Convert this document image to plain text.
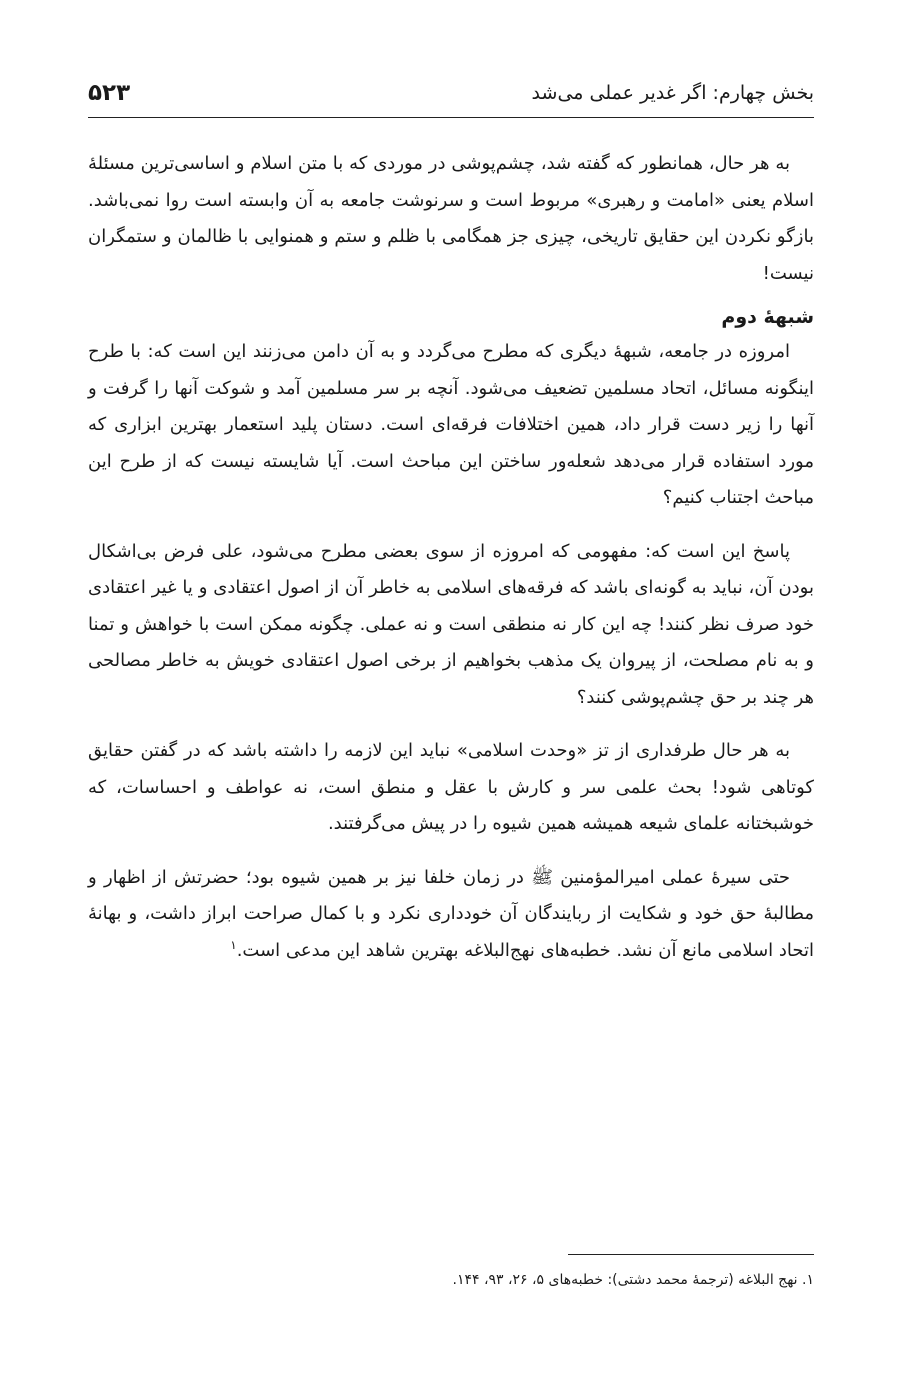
بخش چهارم: اگر غدیر عملی می‌شد
۵۲۳

به هر حال، همانطور که گفته شد، چشم‌پوشی در موردی که با متن اسلام و اساسی‌ترین مسئلهٔ اسلام یعنی «امامت و رهبری» مربوط است و سرنوشت جامعه به آن وابسته است روا نمی‌باشد. بازگو نکردن این حقایق تاریخی، چیزی جز همگامی با ظلم و ستم و همنوایی با ظالمان و ستمگران نیست!

شبههٔ دوم

امروزه در جامعه، شبههٔ دیگری که مطرح می‌گردد و به آن دامن می‌زنند این است که: با طرح اینگونه مسائل، اتحاد مسلمین تضعیف می‌شود. آنچه بر سر مسلمین آمد و شوکت آنها را گرفت و آنها را زیر دست قرار داد، همین اختلافات فرقه‌ای است. دستان پلید استعمار بهترین ابزاری که مورد استفاده قرار می‌دهد شعله‌ور ساختن این مباحث است. آیا شایسته نیست که از طرح این مباحث اجتناب کنیم؟

پاسخ این است که: مفهومی که امروزه از سوی بعضی مطرح می‌شود، علی فرض بی‌اشکال بودن آن، نباید به گونه‌ای باشد که فرقه‌های اسلامی به خاطر آن از اصول اعتقادی و یا غیر اعتقادی خود صرف نظر کنند! چه این کار نه منطقی است و نه عملی. چگونه ممکن است با خواهش و تمنا و به نام مصلحت، از پیروان یک مذهب بخواهیم از برخی اصول اعتقادی خویش به خاطر مصالحی هر چند بر حق چشم‌پوشی کنند؟

به هر حال طرفداری از تز «وحدت اسلامی» نباید این لازمه را داشته باشد که در گفتن حقایق کوتاهی شود! بحث علمی سر و کارش با عقل و منطق است، نه عواطف و احساسات، که خوشبختانه علمای شیعه همیشه همین شیوه را در پیش می‌گرفتند.

حتی سیرهٔ عملی امیرالمؤمنین ﷺ در زمان خلفا نیز بر همین شیوه بود؛ حضرتش از اظهار و مطالبهٔ حق خود و شکایت از ربایندگان آن خودداری نکرد و با کمال صراحت ابراز داشت، و بهانهٔ اتحاد اسلامی مانع آن نشد. خطبه‌های نهج‌البلاغه بهترین شاهد این مدعی است.$^۱$

۱. نهج البلاغه (ترجمهٔ محمد دشتی): خطبه‌های ۵، ۲۶، ۹۳، ۱۴۴.
